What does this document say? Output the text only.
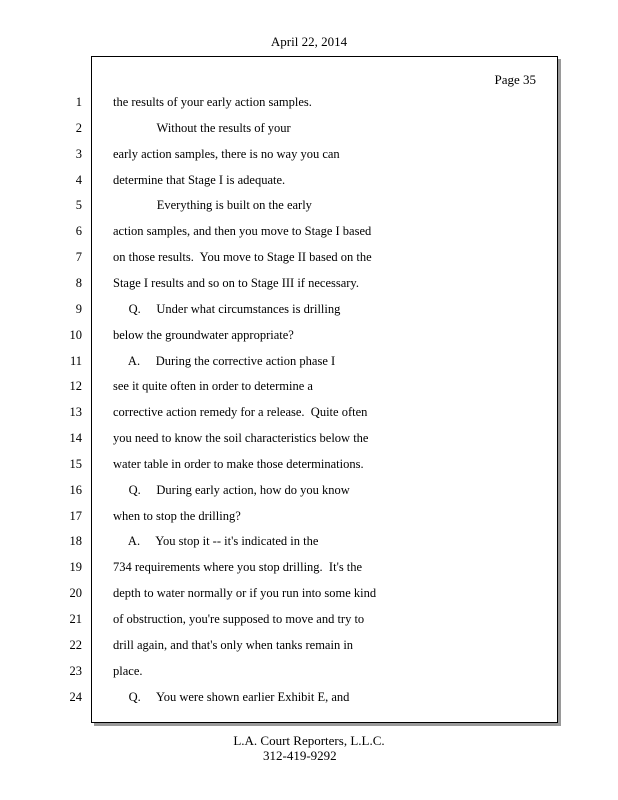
April 22, 2014
Page 35
1 the results of your early action samples.
2 Without the results of your
3 early action samples, there is no way you can
4 determine that Stage I is adequate.
5 Everything is built on the early
6 action samples, and then you move to Stage I based
7 on those results.  You move to Stage II based on the
8 Stage I results and so on to Stage III if necessary.
9 Q.     Under what circumstances is drilling
10 below the groundwater appropriate?
11 A.     During the corrective action phase I
12 see it quite often in order to determine a
13 corrective action remedy for a release.  Quite often
14 you need to know the soil characteristics below the
15 water table in order to make those determinations.
16 Q.     During early action, how do you know
17 when to stop the drilling?
18 A.     You stop it -- it's indicated in the
19 734 requirements where you stop drilling.  It's the
20 depth to water normally or if you run into some kind
21 of obstruction, you're supposed to move and try to
22 drill again, and that's only when tanks remain in
23 place.
24 Q.     You were shown earlier Exhibit E, and
L.A. Court Reporters, L.L.C.
312-419-9292
